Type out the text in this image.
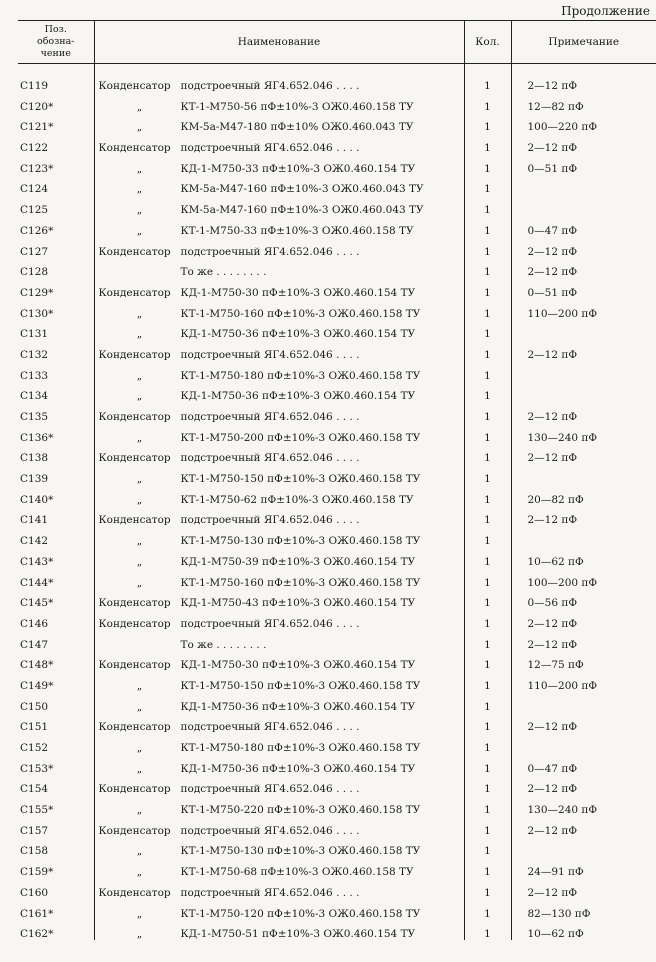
Продолжение
Поз.
обозна-
чение	Наименование	Кол.	Примечание
C119	Конденсатор подстроечный ЯГ4.652.046 . . . .	1	2—12 пФ
C120*	„ КТ-1-М750-56 пФ±10%-3 ОЖ0.460.158 ТУ	1	12—82 пФ
C121*	„ КМ-5а-М47-180 пФ±10% ОЖ0.460.043 ТУ	1	100—220 пФ
C122	Конденсатор подстроечный ЯГ4.652.046 . . . .	1	2—12 пФ
C123*	„ КД-1-М750-33 пФ±10%-3 ОЖ0.460.154 ТУ	1	0—51 пФ
C124	„ КМ-5а-М47-160 пФ±10%-3 ОЖ0.460.043 ТУ	1	
C125	„ КМ-5а-М47-160 пФ±10%-3 ОЖ0.460.043 ТУ	1	
C126*	„ КТ-1-М750-33 пФ±10%-3 ОЖ0.460.158 ТУ	1	0—47 пФ
C127	Конденсатор подстроечный ЯГ4.652.046 . . . .	1	2—12 пФ
C128	То же . . . . . . . .	1	2—12 пФ
C129*	Конденсатор КД-1-М750-30 пФ±10%-3 ОЖ0.460.154 ТУ	1	0—51 пФ
C130*	„ КТ-1-М750-160 пФ±10%-3 ОЖ0.460.158 ТУ	1	110—200 пФ
C131	„ КД-1-М750-36 пФ±10%-3 ОЖ0.460.154 ТУ	1	
C132	Конденсатор подстроечный ЯГ4.652.046 . . . .	1	2—12 пФ
C133	„ КТ-1-М750-180 пФ±10%-3 ОЖ0.460.158 ТУ	1	
C134	„ КД-1-М750-36 пФ±10%-3 ОЖ0.460.154 ТУ	1	
C135	Конденсатор подстроечный ЯГ4.652.046 . . . .	1	2—12 пФ
C136*	„ КТ-1-М750-200 пФ±10%-3 ОЖ0.460.158 ТУ	1	130—240 пФ
C138	Конденсатор подстроечный ЯГ4.652.046 . . . .	1	2—12 пФ
C139	„ КТ-1-М750-150 пФ±10%-3 ОЖ0.460.158 ТУ	1	
C140*	„ КТ-1-М750-62 пФ±10%-3 ОЖ0.460.158 ТУ	1	20—82 пФ
C141	Конденсатор подстроечный ЯГ4.652.046 . . . .	1	2—12 пФ
C142	„ КТ-1-М750-130 пФ±10%-3 ОЖ0.460.158 ТУ	1	
C143*	„ КД-1-М750-39 пФ±10%-3 ОЖ0.460.154 ТУ	1	10—62 пФ
C144*	„ КТ-1-М750-160 пФ±10%-3 ОЖ0.460.158 ТУ	1	100—200 пФ
C145*	Конденсатор КД-1-М750-43 пФ±10%-3 ОЖ0.460.154 ТУ	1	0—56 пФ
C146	Конденсатор подстроечный ЯГ4.652.046 . . . .	1	2—12 пФ
C147	То же . . . . . . . .	1	2—12 пФ
C148*	Конденсатор КД-1-М750-30 пФ±10%-3 ОЖ0.460.154 ТУ	1	12—75 пФ
C149*	„ КТ-1-М750-150 пФ±10%-3 ОЖ0.460.158 ТУ	1	110—200 пФ
C150	„ КД-1-М750-36 пФ±10%-3 ОЖ0.460.154 ТУ	1	
C151	Конденсатор подстроечный ЯГ4.652.046 . . . .	1	2—12 пФ
C152	„ КТ-1-М750-180 пФ±10%-3 ОЖ0.460.158 ТУ	1	
C153*	„ КД-1-М750-36 пФ±10%-3 ОЖ0.460.154 ТУ	1	0—47 пФ
C154	Конденсатор подстроечный ЯГ4.652.046 . . . .	1	2—12 пФ
C155*	„ КТ-1-М750-220 пФ±10%-3 ОЖ0.460.158 ТУ	1	130—240 пФ
C157	Конденсатор подстроечный ЯГ4.652.046 . . . .	1	2—12 пФ
C158	„ КТ-1-М750-130 пФ±10%-3 ОЖ0.460.158 ТУ	1	
C159*	„ КТ-1-М750-68 пФ±10%-3 ОЖ0.460.158 ТУ	1	24—91 пФ
C160	Конденсатор подстроечный ЯГ4.652.046 . . . .	1	2—12 пФ
C161*	„ КТ-1-М750-120 пФ±10%-3 ОЖ0.460.158 ТУ	1	82—130 пФ
C162*	„ КД-1-М750-51 пФ±10%-3 ОЖ0.460.154 ТУ	1	10—62 пФ
